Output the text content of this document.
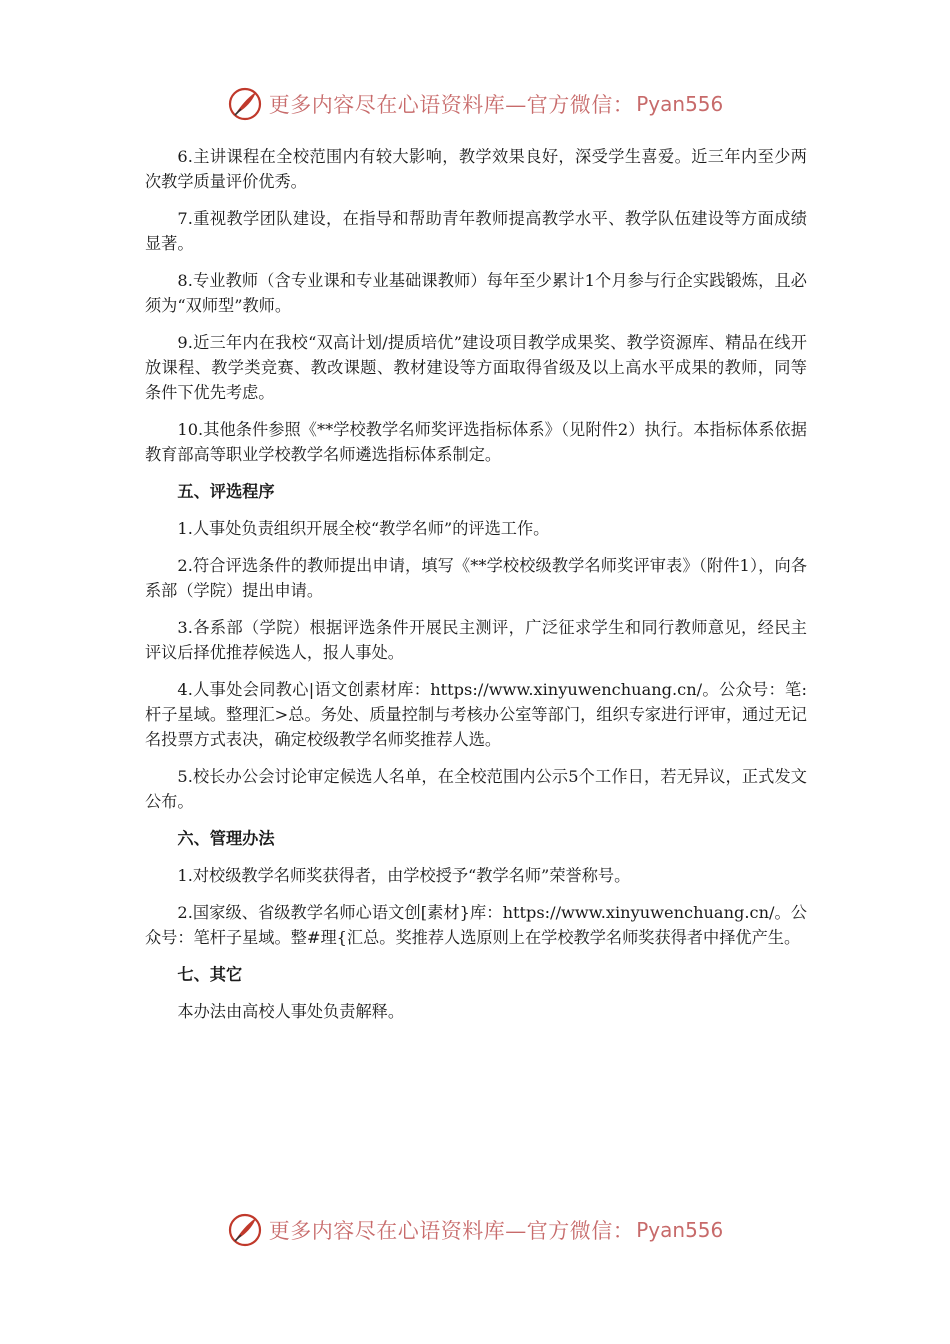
更多内容尽在心语资料库—官方微信： Pyan556

6.主讲课程在全校范围内有较大影响，教学效果良好，深受学生喜爱。近三年内至少两次教学质量评价优秀。

7.重视教学团队建设，在指导和帮助青年教师提高教学水平、教学队伍建设等方面成绩显著。

8.专业教师（含专业课和专业基础课教师）每年至少累计1个月参与行企实践锻炼，且必须为“双师型”教师。

9.近三年内在我校“双高计划/提质培优”建设项目教学成果奖、教学资源库、精品在线开放课程、教学类竞赛、教改课题、教材建设等方面取得省级及以上高水平成果的教师，同等条件下优先考虑。

10.其他条件参照《**学校教学名师奖评选指标体系》（见附件2）执行。本指标体系依据教育部高等职业学校教学名师遴选指标体系制定。

五、评选程序

1.人事处负责组织开展全校“教学名师”的评选工作。

2.符合评选条件的教师提出申请，填写《**学校校级教学名师奖评审表》（附件1），向各系部（学院）提出申请。

3.各系部（学院）根据评选条件开展民主测评，广泛征求学生和同行教师意见，经民主评议后择优推荐候选人，报人事处。

4.人事处会同教心|语文创素材库：https://www.xinyuwenchuang.cn/。公众号：笔:杆子星域。整理汇>总。务处、质量控制与考核办公室等部门，组织专家进行评审，通过无记名投票方式表决，确定校级教学名师奖推荐人选。

5.校长办公会讨论审定候选人名单，在全校范围内公示5个工作日，若无异议，正式发文公布。

六、管理办法

1.对校级教学名师奖获得者，由学校授予“教学名师”荣誉称号。

2.国家级、省级教学名师心语文创[素材}库：https://www.xinyuwenchuang.cn/。公众号：笔杆子星域。整#理{汇总。奖推荐人选原则上在学校教学名师奖获得者中择优产生。

七、其它

本办法由高校人事处负责解释。

更多内容尽在心语资料库—官方微信： Pyan556
